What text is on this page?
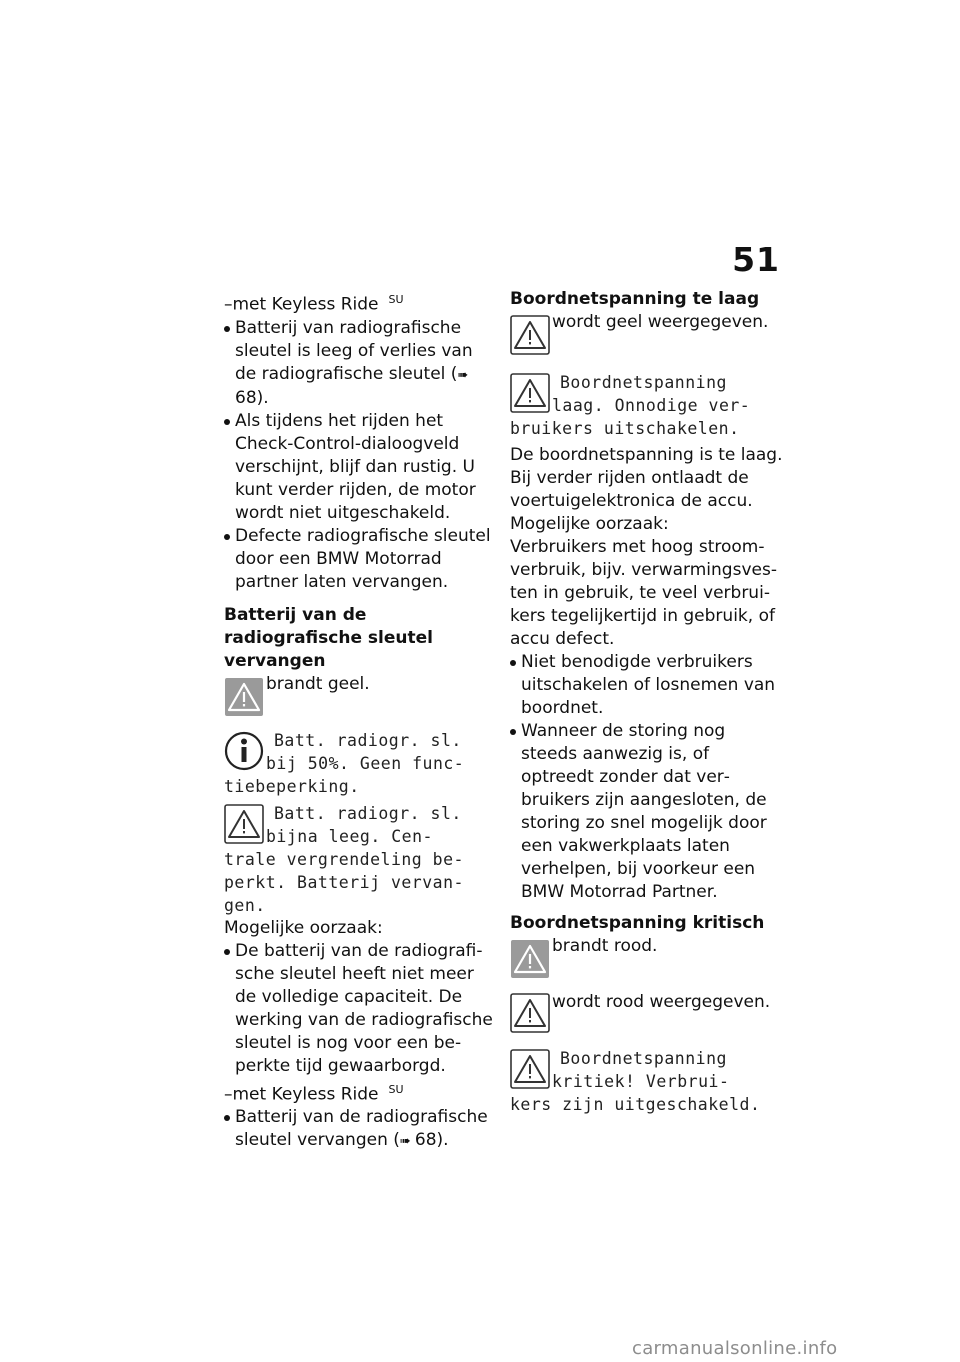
51

–met Keyless Ride $^{SU}$

Batterij van radiografische sleutel is leeg of verlies van de radiografische sleutel (➠ 68).
Als tijdens het rijden het Check-Control-dialoogveld verschijnt, blijf dan rustig. U kunt verder rijden, de motor wordt niet uitgeschakeld.
Defecte radiografische sleutel door een BMW Motorrad partner laten vervangen.

Batterij van de radiografische sleutel vervangen

brandt geel.
Batt. radiogr. sl.
bij 50%. Geen func-
tiebeperking.
Batt. radiogr. sl.
bijna leeg. Cen-
trale vergrendeling be-
perkt. Batterij vervan-
gen.

Mogelijke oorzaak:

De batterij van de radiografische sleutel heeft niet meer de volledige capaciteit. De werking van de radiografische sleutel is nog voor een beperkte tijd gewaarborgd.

–met Keyless Ride $^{SU}$

Batterij van de radiografische sleutel vervangen (➠ 68).

Boordnetspanning te laag

wordt geel weergegeven.
Boordnetspanning
laag. Onnodige ver-
bruikers uitschakelen.

De boordnetspanning is te laag. Bij verder rijden ontlaadt de voertuigelektronica de accu.

Mogelijke oorzaak:

Verbruikers met hoog stroomverbruik, bijv. verwarmingsvesten in gebruik, te veel verbruikers tegelijkertijd in gebruik, of accu defect.

Niet benodigde verbruikers uitschakelen of losnemen van boordnet.
Wanneer de storing nog steeds aanwezig is, of optreedt zonder dat verbruikers zijn aangesloten, de storing zo snel mogelijk door een vakwerkplaats laten verhelpen, bij voorkeur een BMW Motorrad Partner.

Boordnetspanning kritisch

brandt rood.
wordt rood weergegeven.
Boordnetspanning
kritiek! Verbrui-
kers zijn uitgeschakeld.
carmanualsonline.info
